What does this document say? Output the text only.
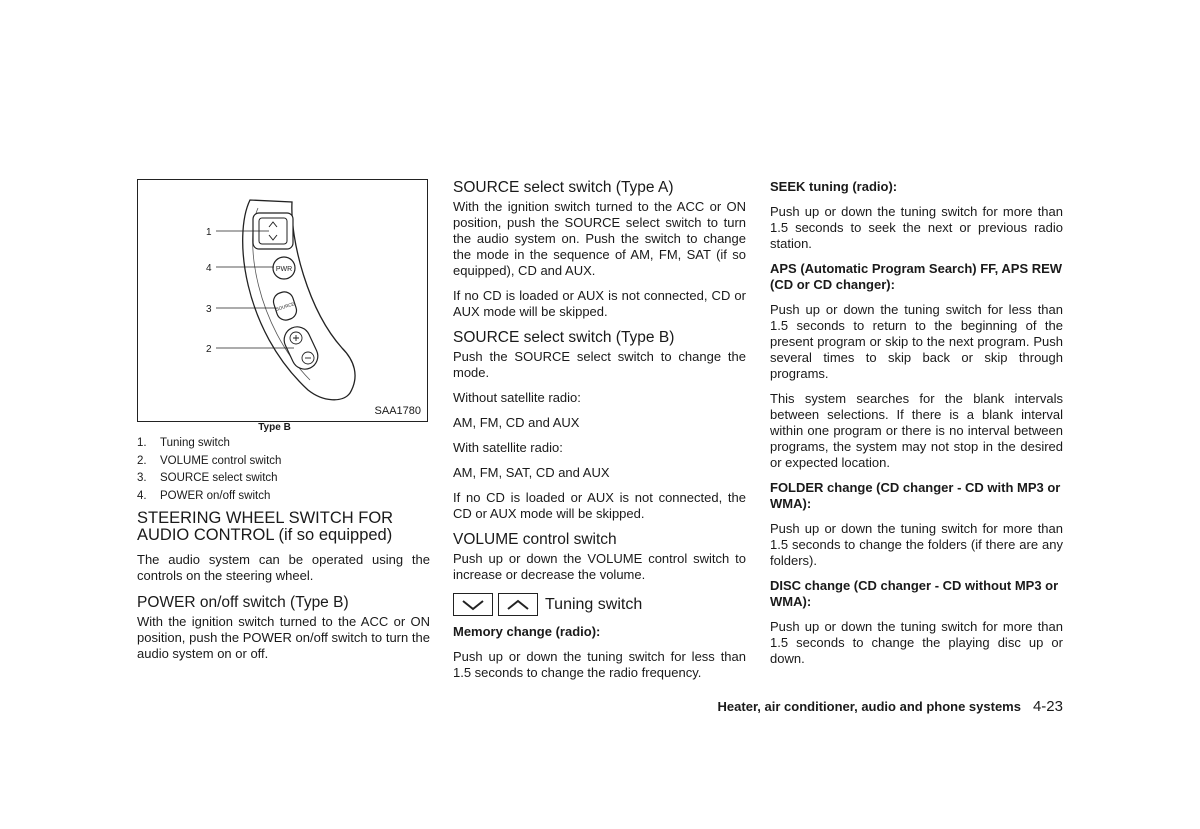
PWR
SOURCE
1
4
3
2
SAA1780
Type B
1.	Tuning switch
2.	VOLUME control switch
3.	SOURCE select switch
4.	POWER on/off switch
STEERING WHEEL SWITCH FOR AUDIO CONTROL (if so equipped)

The audio system can be operated using the controls on the steering wheel.

POWER on/off switch (Type B)

With the ignition switch turned to the ACC or ON position, push the POWER on/off switch to turn the audio system on or off.

SOURCE select switch (Type A)

With the ignition switch turned to the ACC or ON position, push the SOURCE select switch to turn the audio system on. Push the switch to change the mode in the sequence of AM, FM, SAT (if so equipped), CD and AUX.

If no CD is loaded or AUX is not connected, CD or AUX mode will be skipped.

SOURCE select switch (Type B)

Push the SOURCE select switch to change the mode.

Without satellite radio:

AM, FM, CD and AUX

With satellite radio:

AM, FM, SAT, CD and AUX

If no CD is loaded or AUX is not connected, the CD or AUX mode will be skipped.

VOLUME control switch

Push up or down the VOLUME control switch to increase or decrease the volume.

Tuning switch
Memory change (radio):

Push up or down the tuning switch for less than 1.5 seconds to change the radio frequency.

SEEK tuning (radio):

Push up or down the tuning switch for more than 1.5 seconds to seek the next or previous radio station.

APS (Automatic Program Search) FF, APS REW (CD or CD changer):

Push up or down the tuning switch for less than 1.5 seconds to return to the beginning of the present program or skip to the next program. Push several times to skip back or skip through programs.

This system searches for the blank intervals between selections. If there is a blank interval within one program or there is no interval between programs, the system may not stop in the desired or expected location.

FOLDER change (CD changer - CD with MP3 or WMA):

Push up or down the tuning switch for more than 1.5 seconds to change the folders (if there are any folders).

DISC change (CD changer - CD without MP3 or WMA):

Push up or down the tuning switch for more than 1.5 seconds to change the playing disc up or down.

Heater, air conditioner, audio and phone systems 4-23
